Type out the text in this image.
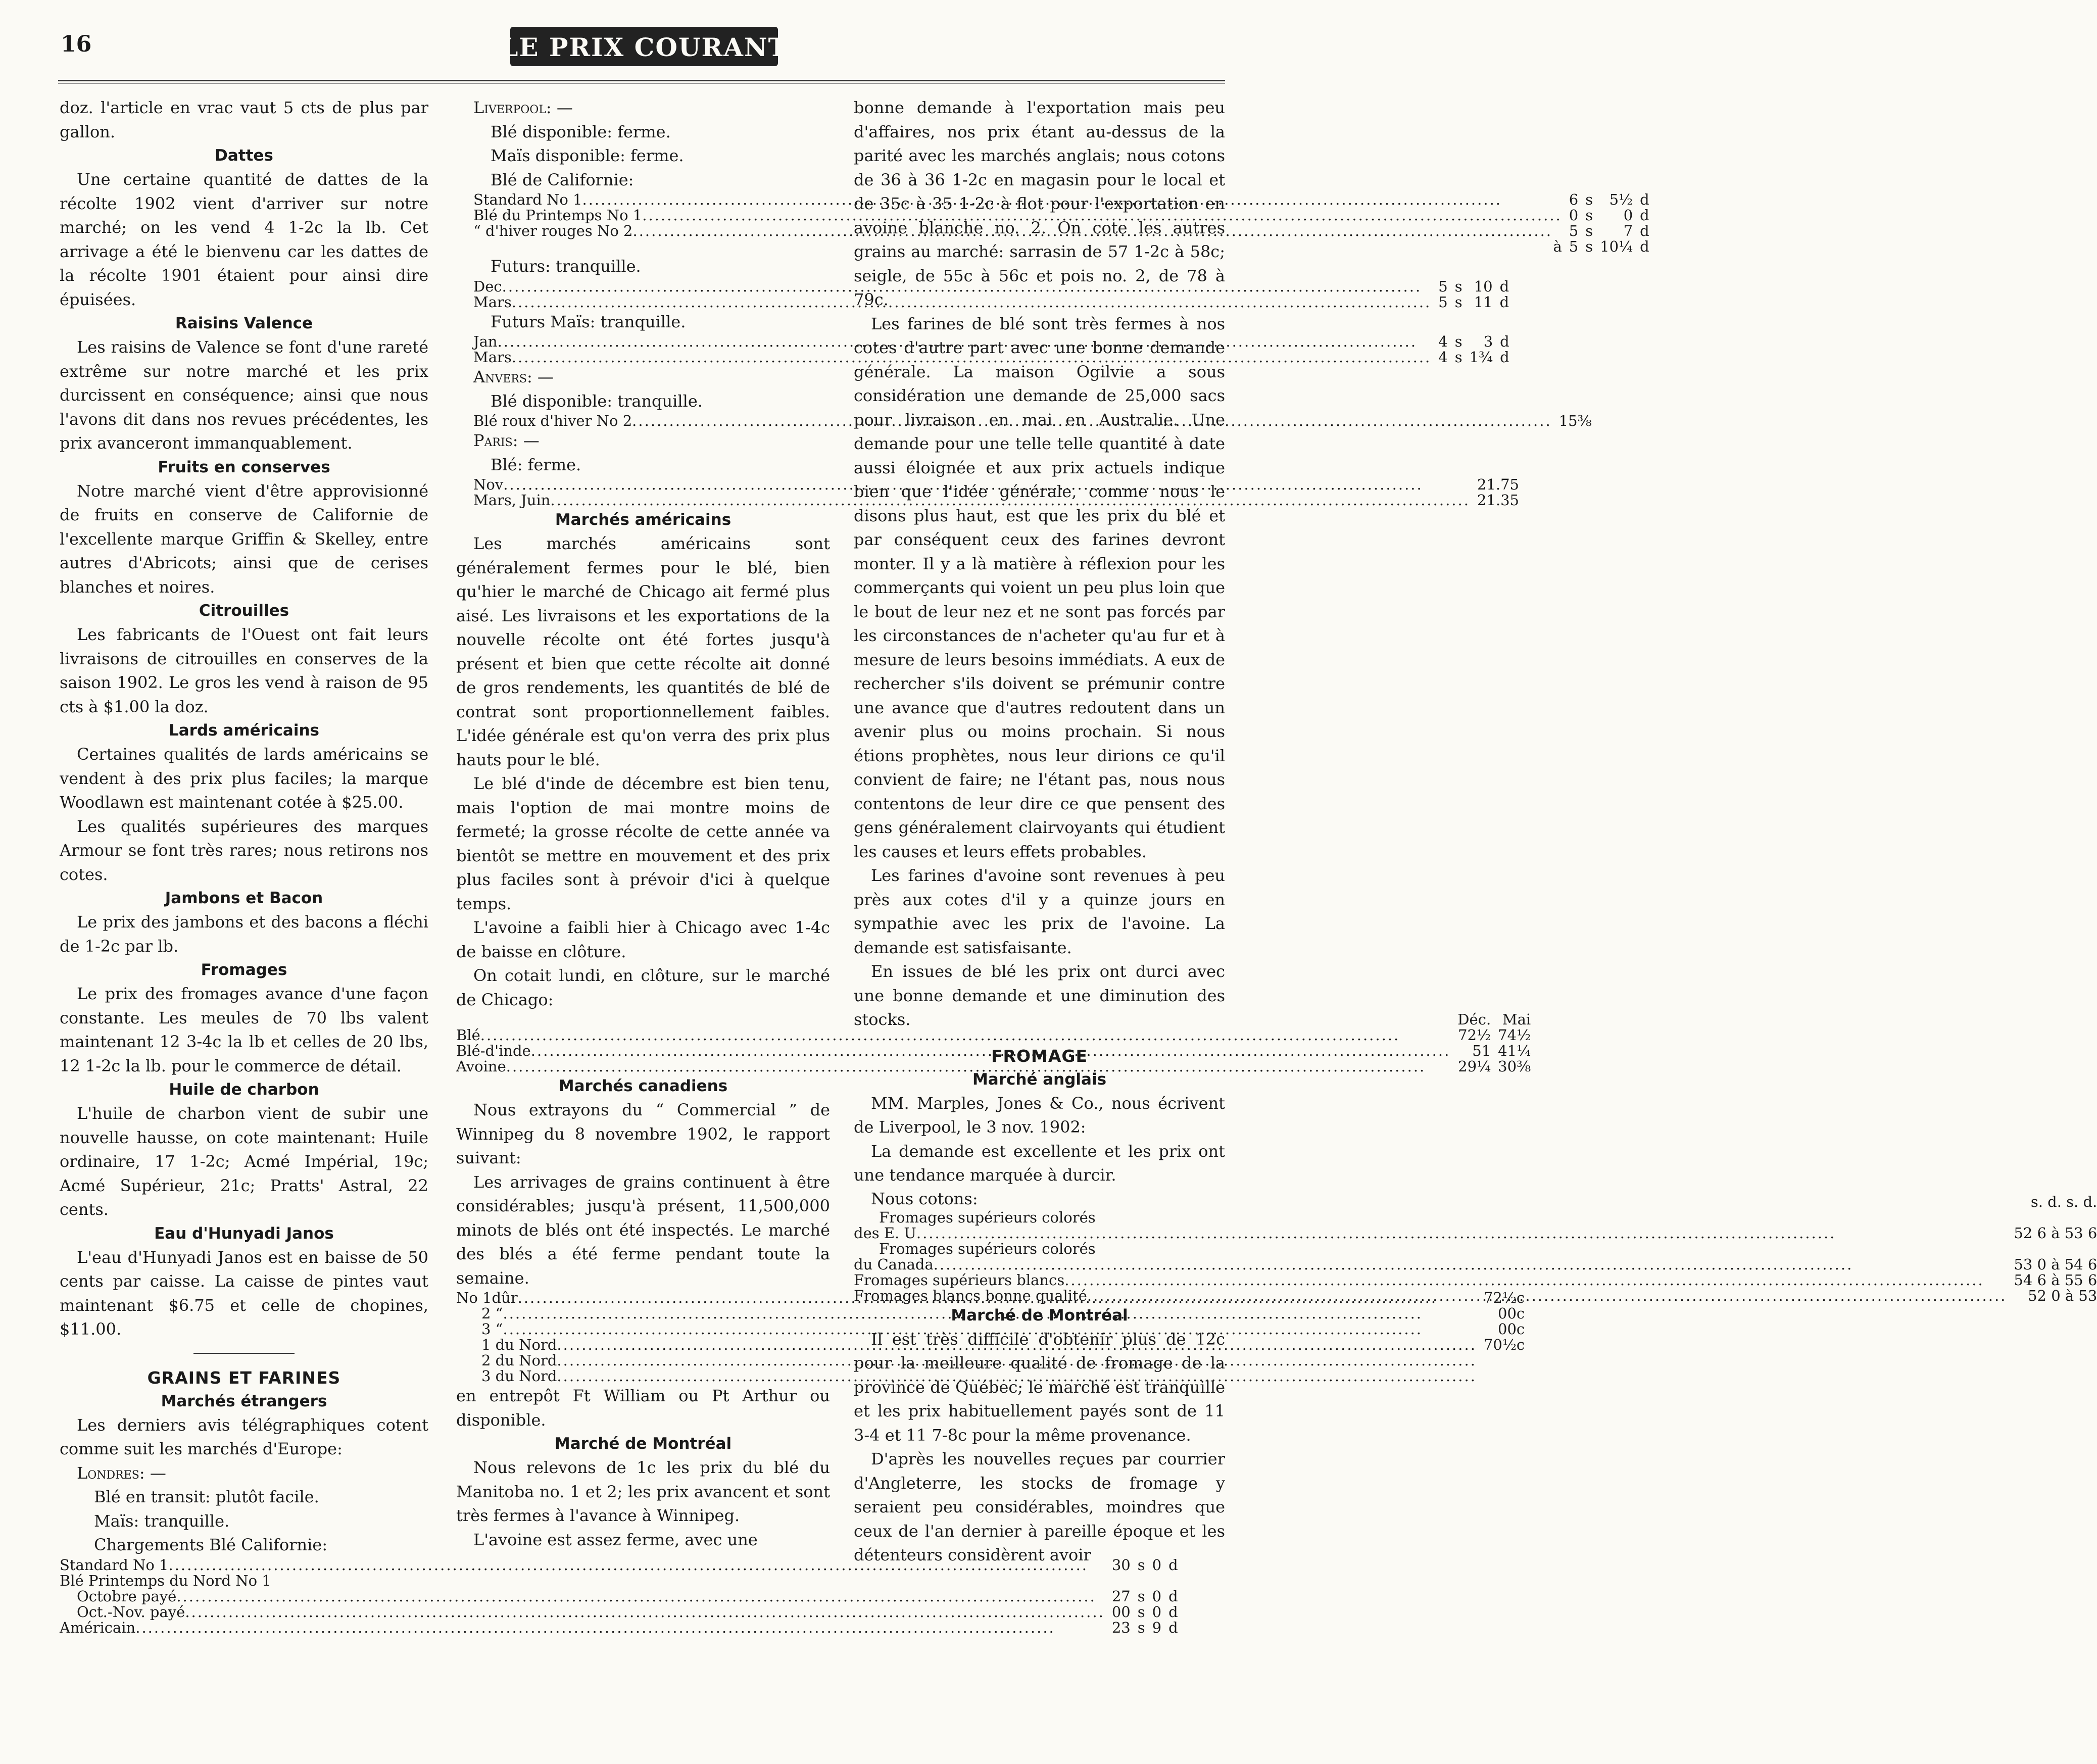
16	LE PRIX COURANT

doz. l'article en vrac vaut 5 cts de plus par gallon.

Dattes

Une certaine quantité de dattes de la récolte 1902 vient d'arriver sur notre marché; on les vend 4 1-2c la lb. Cet arrivage a été le bienvenu car les dattes de la récolte 1901 étaient pour ainsi dire épuisées.

Raisins Valence

Les raisins de Valence se font d'une rareté extrême sur notre marché et les prix durcissent en conséquence; ainsi que nous l'avons dit dans nos revues précédentes, les prix avanceront immanquablement.

Fruits en conserves

Notre marché vient d'être approvisionné de fruits en conserve de Californie de l'excellente marque Griffin & Skelley, entre autres d'Abricots; ainsi que de cerises blanches et noires.

Citrouilles

Les fabricants de l'Ouest ont fait leurs livraisons de citrouilles en conserves de la saison 1902. Le gros les vend à raison de 95 cts à $1.00 la doz.

Lards américains

Certaines qualités de lards américains se vendent à des prix plus faciles; la marque Woodlawn est maintenant cotée à $25.00.

Les qualités supérieures des marques Armour se font très rares; nous retirons nos cotes.

Jambons et Bacon

Le prix des jambons et des bacons a fléchi de 1-2c par lb.

Fromages

Le prix des fromages avance d'une façon constante. Les meules de 70 lbs valent maintenant 12 3-4c la lb et celles de 20 lbs, 12 1-2c la lb. pour le commerce de détail.

Huile de charbon

L'huile de charbon vient de subir une nouvelle hausse, on cote maintenant: Huile ordinaire, 17 1-2c; Acmé Impérial, 19c; Acmé Supérieur, 21c; Pratts' Astral, 22 cents.

Eau d'Hunyadi Janos

L'eau d'Hunyadi Janos est en baisse de 50 cents par caisse. La caisse de pintes vaut maintenant $6.75 et celle de chopines, $11.00.

GRAINS ET FARINES
Marchés étrangers

Les derniers avis télégraphiques cotent comme suit les marchés d'Europe:

Londres: —

Blé en transit: plutôt facile.

Maïs: tranquille.

Chargements Blé Californie:

Standard No 1
.....	30	s	0	d
Blé Printemps du Nord No 1				

Octobre payé
.....	27	s	0	d

Oct.-Nov. payé
.....	00	s	0	d

Américain
.....	23	s	9	d

Liverpool: —

Blé disponible: ferme.

Maïs disponible: ferme.

Blé de Californie:

Standard No 1
.....	6	s	5½	d

Blé du Printemps No 1
.....	0	s	0	d

“ d'hiver rouges No 2
.....	5	s	7	d
à	5	s	10¼	d

Futurs: tranquille.

Dec
.....	5	s	10	d

Mars
.....	5	s	11	d

Futurs Maïs: tranquille.

Jan
.....	4	s	3	d

Mars
.....	4	s	1¾	d

Anvers: —

Blé disponible: tranquille.

Blé roux d'hiver No 2
.....	15⅜

Paris: —

Blé: ferme.

Nov
.....	21.75

Mars, Juin
.....	21.35
Marchés américains

Les marchés américains sont généralement fermes pour le blé, bien qu'hier le marché de Chicago ait fermé plus aisé. Les livraisons et les exportations de la nouvelle récolte ont été fortes jusqu'à présent et bien que cette récolte ait donné de gros rendements, les quantités de blé de contrat sont proportionnellement faibles. L'idée générale est qu'on verra des prix plus hauts pour le blé.

Le blé d'inde de décembre est bien tenu, mais l'option de mai montre moins de fermeté; la grosse récolte de cette année va bientôt se mettre en mouvement et des prix plus faciles sont à prévoir d'ici à quelque temps.

L'avoine a faibli hier à Chicago avec 1-4c de baisse en clôture.

On cotait lundi, en clôture, sur le marché de Chicago:

	Déc.	Mai

Blé
.....	72½	74½

Blé-d'inde
.....	51	41¼

Avoine
.....	29¼	30⅜
Marchés canadiens

Nous extrayons du “ Commercial ” de Winnipeg du 8 novembre 1902, le rapport suivant:

Les arrivages de grains continuent à être considérables; jusqu'à présent, 11,500,000 minots de blés ont été inspectés. Le marché des blés a été ferme pendant toute la semaine.

No 1dûr
.....	72½c

2 “
.....	00c

3 “
.....	00c

1 du Nord
.....	70½c

2 du Nord
.....

3 du Nord
.....

en entrepôt Ft William ou Pt Arthur ou disponible.

Marché de Montréal

Nous relevons de 1c les prix du blé du Manitoba no. 1 et 2; les prix avancent et sont très fermes à l'avance à Winnipeg.

L'avoine est assez ferme, avec une

bonne demande à l'exportation mais peu d'affaires, nos prix étant au-dessus de la parité avec les marchés anglais; nous cotons de 36 à 36 1-2c en magasin pour le local et de 35c à 35 1-2c à flot pour l'exportation en avoine blanche no. 2. On cote les autres grains au marché: sarrasin de 57 1-2c à 58c; seigle, de 55c à 56c et pois no. 2, de 78 à 79c.

Les farines de blé sont très fermes à nos cotes d'autre part avec une bonne demande générale. La maison Ogilvie a sous considération une demande de 25,000 sacs pour livraison en mai en Australie. Une demande pour une telle telle quantité à date aussi éloignée et aux prix actuels indique bien que l'idée générale, comme nous le disons plus haut, est que les prix du blé et par conséquent ceux des farines devront monter. Il y a là matière à réflexion pour les commerçants qui voient un peu plus loin que le bout de leur nez et ne sont pas forcés par les circonstances de n'acheter qu'au fur et à mesure de leurs besoins immédiats. A eux de rechercher s'ils doivent se prémunir contre une avance que d'autres redoutent dans un avenir plus ou moins prochain. Si nous étions prophètes, nous leur dirions ce qu'il convient de faire; ne l'étant pas, nous nous contentons de leur dire ce que pensent des gens généralement clairvoyants qui étudient les causes et leurs effets probables.

Les farines d'avoine sont revenues à peu près aux cotes d'il y a quinze jours en sympathie avec les prix de l'avoine. La demande est satisfaisante.

En issues de blé les prix ont durci avec une bonne demande et une diminution des stocks.

FROMAGE
Marché anglais

MM. Marples, Jones & Co., nous écrivent de Liverpool, le 3 nov. 1902:

La demande est excellente et les prix ont une tendance marquée à durcir.

Nous cotons:	s. d. s. d.
Fromages supérieurs colorés	

des E. U
.....	52 6 à 53 6
Fromages supérieurs colorés	

du Canada
.....	53 0 à 54 6

Fromages supérieurs blancs
.....	54 6 à 55 6

Fromages blancs bonne qualité
.....	52 0 à 53
Marché de Montréal

Il est très difficile d'obtenir plus de 12c pour la meilleure qualité de fromage de la province de Québec; le marché est tranquille et les prix habituellement payés sont de 11 3-4 et 11 7-8c pour la même provenance.

D'après les nouvelles reçues par courrier d'Angleterre, les stocks de fromage y seraient peu considérables, moindres que ceux de l'an dernier à pareille époque et les détenteurs considèrent avoir
